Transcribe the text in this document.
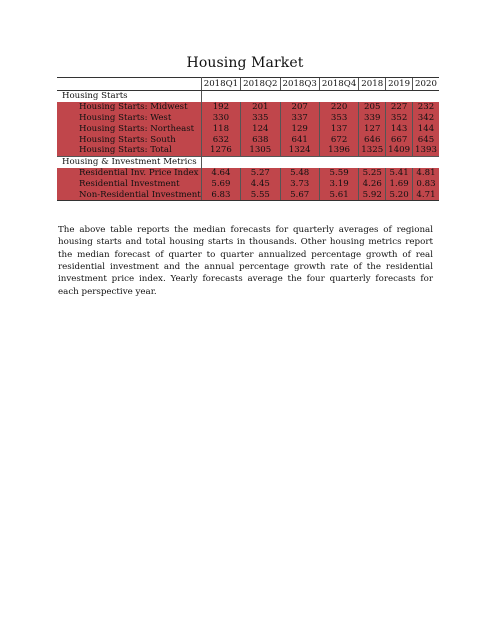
Housing Market
	2018Q1	2018Q2	2018Q3	2018Q4	2018	2019	2020
Housing Starts							
Housing Starts: Midwest	192	201	207	220	205	227	232
Housing Starts: West	330	335	337	353	339	352	342
Housing Starts: Northeast	118	124	129	137	127	143	144
Housing Starts: South	632	638	641	672	646	667	645
Housing Starts: Total	1276	1305	1324	1396	1325	1409	1393
Housing & Investment Metrics							
Residential Inv. Price Index	4.64	5.27	5.48	5.59	5.25	5.41	4.81
Residential Investment	5.69	4.45	3.73	3.19	4.26	1.69	0.83
Non-Residential Investment	6.83	5.55	5.67	5.61	5.92	5.20	4.71

The above table reports the median forecasts for quarterly averages of regional housing starts and total housing starts in thousands. Other housing metrics report the median forecast of quarter to quarter annualized percentage growth of real residential investment and the annual percentage growth rate of the residential investment price index. Yearly forecasts average the four quarterly forecasts for each perspective year.
